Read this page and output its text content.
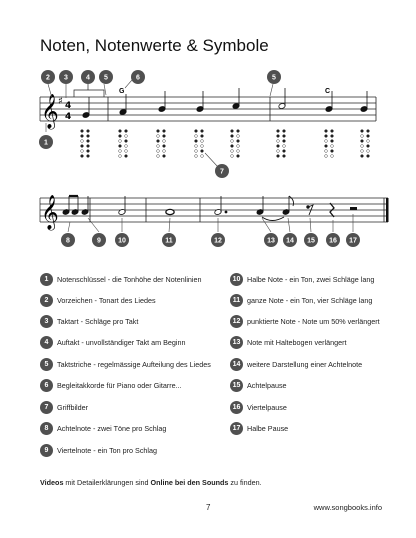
Noten, Notenwerte & Symbole
𝄞 ♯ 4
4
G	C
𝄞
2 3	4 5	6	5
1
7
8	9 10	11	12	13 14 15 16 17
1	Notenschlüssel - die Tonhöhe der Notenlinien
2	Vorzeichen - Tonart des Liedes
3	Taktart - Schläge pro Takt
4	Auftakt - unvollständiger Takt am Beginn
5	Taktstriche - regelmässige Aufteilung des Liedes
6	Begleitakkorde für Piano oder Gitarre...
7	Griffbilder
8	Achtelnote - zwei Töne pro Schlag
9	Viertelnote - ein Ton pro Schlag
10 Halbe Note - ein Ton, zwei Schläge lang
11 ganze Note - ein Ton, vier Schläge lang
12 punktierte Note - Note um 50% verlängert
13 Note mit Haltebogen verlängert
14 weitere Darstellung einer Achtelnote
15 Achtelpause
16 Viertelpause
17 Halbe Pause
Videos mit Detailerklärungen sind Online bei den Sounds zu finden.
7	www.songbooks.info
